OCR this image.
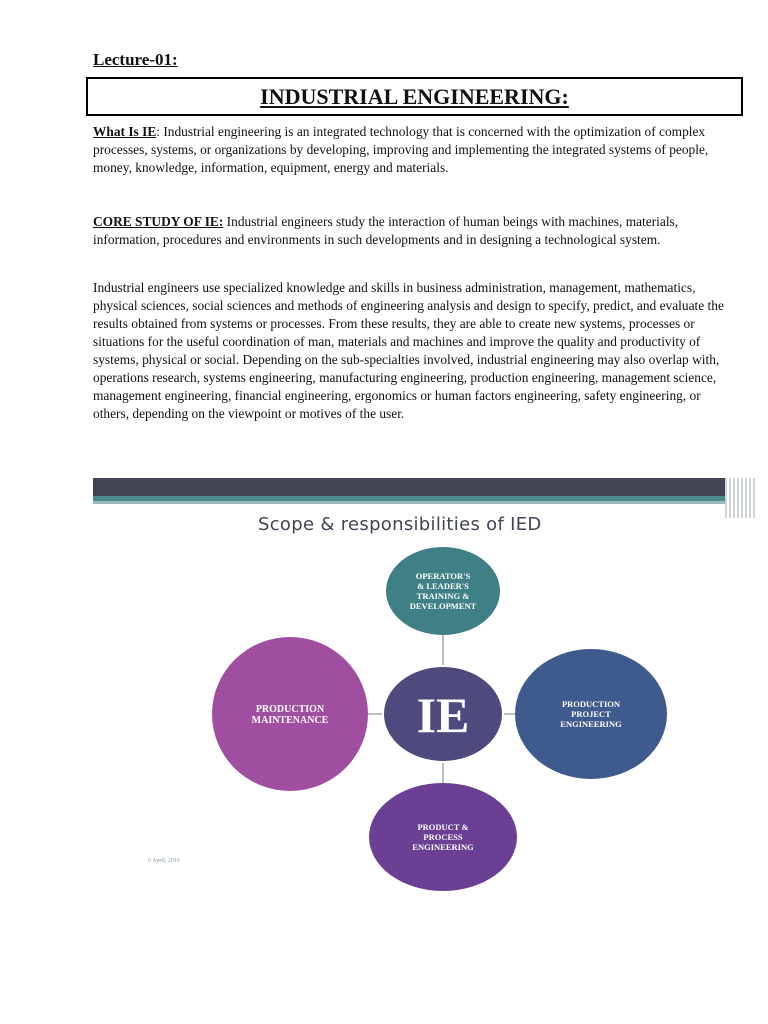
Lecture-01:
INDUSTRIAL ENGINEERING:

What Is IE: Industrial engineering is an integrated technology that is concerned with the optimization of complex processes, systems, or organizations by developing, improving and implementing the integrated systems of people, money, knowledge, information, equipment, energy and materials.

CORE STUDY OF IE: Industrial engineers study the interaction of human beings with machines, materials, information, procedures and environments in such developments and in designing a technological system.

Industrial engineers use specialized knowledge and skills in business administration, management, mathematics, physical sciences, social sciences and methods of engineering analysis and design to specify, predict, and evaluate the results obtained from systems or processes. From these results, they are able to create new systems, processes or situations for the useful coordination of man, materials and machines and improve the quality and productivity of systems, physical or social. Depending on the sub-specialties involved, industrial engineering may also overlap with, operations research, systems engineering, manufacturing engineering, production engineering, management science, management engineering, financial engineering, ergonomics or human factors engineering, safety engineering, or others, depending on the viewpoint or motives of the user.

Scope & responsibilities of IED
OPERATOR'S
& LEADER'S
TRAINING &
DEVELOPMENT
PRODUCTION
MAINTENANCE
PRODUCTION
PROJECT
ENGINEERING
PRODUCT &
PROCESS
ENGINEERING
IE
6 April, 2016
